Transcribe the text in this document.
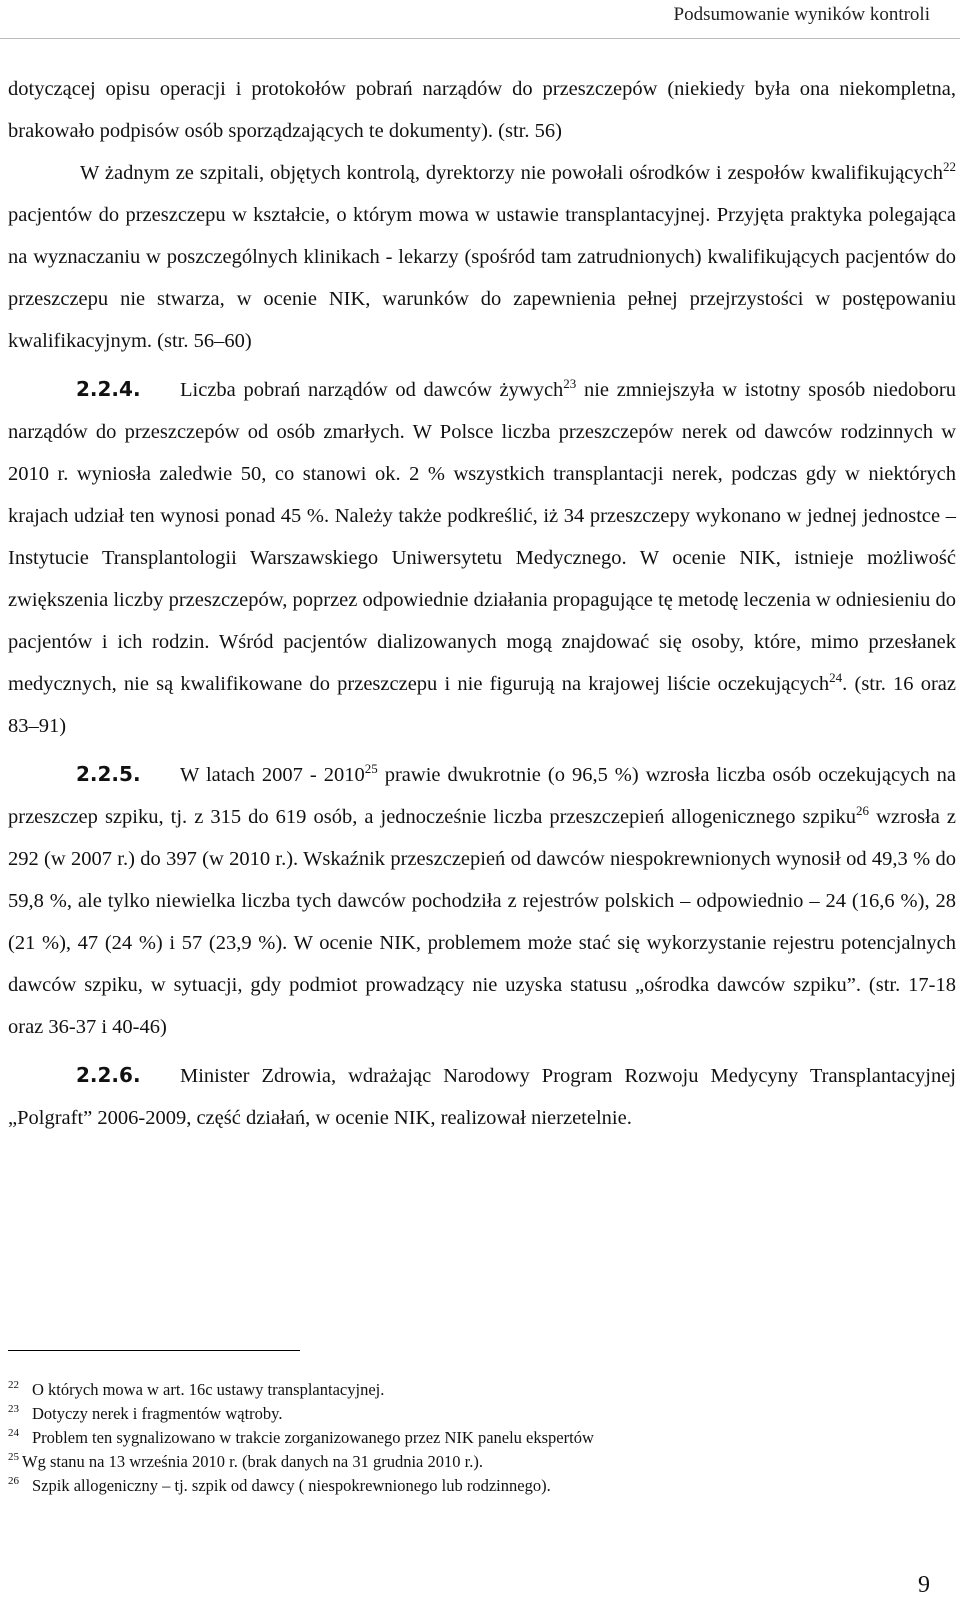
Podsumowanie wyników kontroli

dotyczącej opisu operacji i protokołów pobrań narządów do przeszczepów (niekiedy była ona niekompletna, brakowało podpisów osób sporządzających te dokumenty). (str. 56)

W żadnym ze szpitali, objętych kontrolą, dyrektorzy nie powołali ośrodków i zespołów kwalifikujących$^{22}$ pacjentów do przeszczepu w kształcie, o którym mowa w ustawie transplantacyjnej. Przyjęta praktyka polegająca na wyznaczaniu w poszczególnych klinikach - lekarzy (spośród tam zatrudnionych) kwalifikujących pacjentów do przeszczepu nie stwarza, w ocenie NIK, warunków do zapewnienia pełnej przejrzystości w postępowaniu kwalifikacyjnym. (str. 56–60)

2.2.4. Liczba pobrań narządów od dawców żywych$^{23}$ nie zmniejszyła w istotny sposób niedoboru narządów do przeszczepów od osób zmarłych. W Polsce liczba przeszczepów nerek od dawców rodzinnych w 2010 r. wyniosła zaledwie 50, co stanowi ok. 2 % wszystkich transplantacji nerek, podczas gdy w niektórych krajach udział ten wynosi ponad 45 %. Należy także podkreślić, iż 34 przeszczepy wykonano w jednej jednostce – Instytucie Transplantologii Warszawskiego Uniwersytetu Medycznego. W ocenie NIK, istnieje możliwość zwiększenia liczby przeszczepów, poprzez odpowiednie działania propagujące tę metodę leczenia w odniesieniu do pacjentów i ich rodzin. Wśród pacjentów dializowanych mogą znajdować się osoby, które, mimo przesłanek medycznych, nie są kwalifikowane do przeszczepu i nie figurują na krajowej liście oczekujących$^{24}$. (str. 16 oraz 83–91)

2.2.5. W latach 2007 - 2010$^{25}$ prawie dwukrotnie (o 96,5 %) wzrosła liczba osób oczekujących na przeszczep szpiku, tj. z 315 do 619 osób, a jednocześnie liczba przeszczepień allogenicznego szpiku$^{26}$ wzrosła z 292 (w 2007 r.) do 397 (w 2010 r.). Wskaźnik przeszczepień od dawców niespokrewnionych wynosił od 49,3 % do 59,8 %, ale tylko niewielka liczba tych dawców pochodziła z rejestrów polskich – odpowiednio – 24 (16,6 %), 28 (21 %), 47 (24 %) i 57 (23,9 %). W ocenie NIK, problemem może stać się wykorzystanie rejestru potencjalnych dawców szpiku, w sytuacji, gdy podmiot prowadzący nie uzyska statusu „ośrodka dawców szpiku”. (str. 17-18 oraz 36-37 i 40-46)

2.2.6. Minister Zdrowia, wdrażając Narodowy Program Rozwoju Medycyny Transplantacyjnej „Polgraft” 2006-2009, część działań, w ocenie NIK, realizował nierzetelnie.

$^{22}$ O których mowa w art. 16c ustawy transplantacyjnej.

$^{23}$ Dotyczy nerek i fragmentów wątroby.

$^{24}$ Problem ten sygnalizowano w trakcie zorganizowanego przez NIK panelu ekspertów

$^{25}$ Wg stanu na 13 września 2010 r. (brak danych na 31 grudnia 2010 r.).

$^{26}$ Szpik allogeniczny – tj. szpik od dawcy ( niespokrewnionego lub rodzinnego).

9
